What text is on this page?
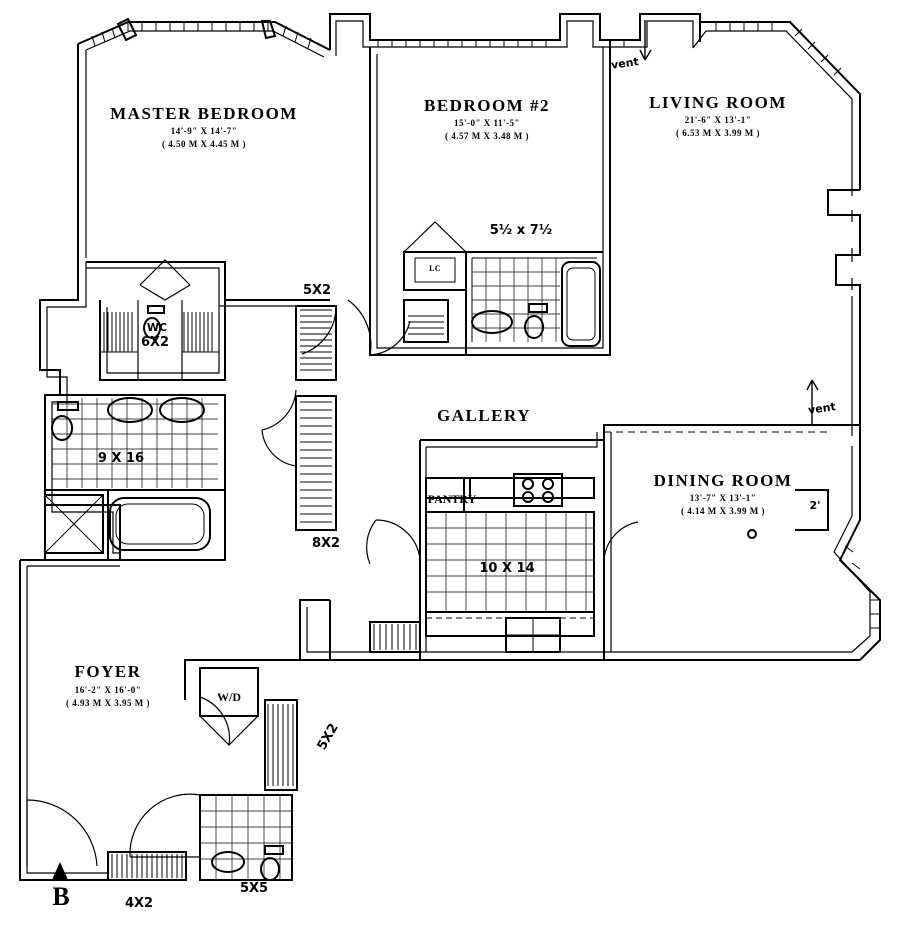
MASTER BEDROOM
14'-9" X 14'-7"
( 4.50 M X 4.45 M )
BEDROOM #2
15'-0" X 11'-5"
( 4.57 M X 3.48 M )
LIVING ROOM
21'-6" X 13'-1"
( 6.53 M X 3.99 M )
DINING ROOM
13'-7" X 13'-1"
( 4.14 M X 3.99 M )
FOYER
16'-2" X 16'-0"
( 4.93 M X 3.95 M )
GALLERY
PANTRY
W/D
LC
vent
vent
5X2
8X2
5X2
4X2
5X5
6X2
WC
9 X 16
10 X 14
5½ x 7½
2'
B
